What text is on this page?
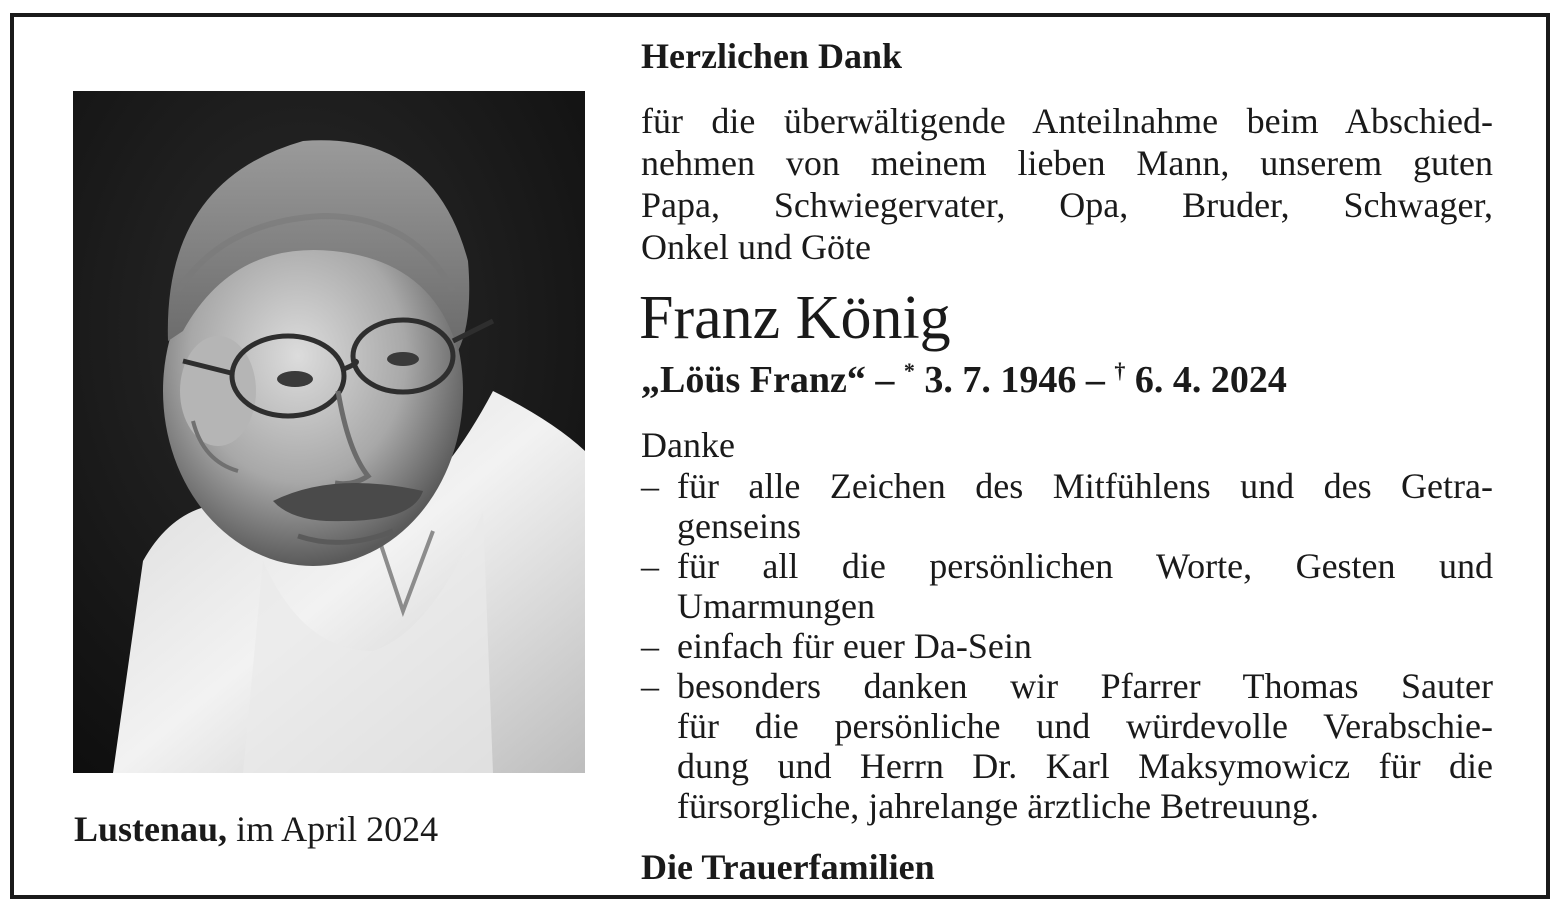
Lustenau, im April 2024
Herzlichen Dank
für die überwältigende Anteilnahme beim Abschied-
nehmen von meinem lieben Mann, unserem guten
Papa, Schwiegervater, Opa, Bruder, Schwager,
Onkel und Göte
Franz König
„Löüs Franz“ – * 3. 7. 1946 – † 6. 4. 2024
Danke
– für alle Zeichen des Mitfühlens und des Getra-
genseins
– für all die persönlichen Worte, Gesten und
Umarmungen
– einfach für euer Da-Sein
– besonders danken wir Pfarrer Thomas Sauter
für die persönliche und würdevolle Verabschie-
dung und Herrn Dr. Karl Maksymowicz für die
fürsorgliche, jahrelange ärztliche Betreuung.
Die Trauerfamilien
